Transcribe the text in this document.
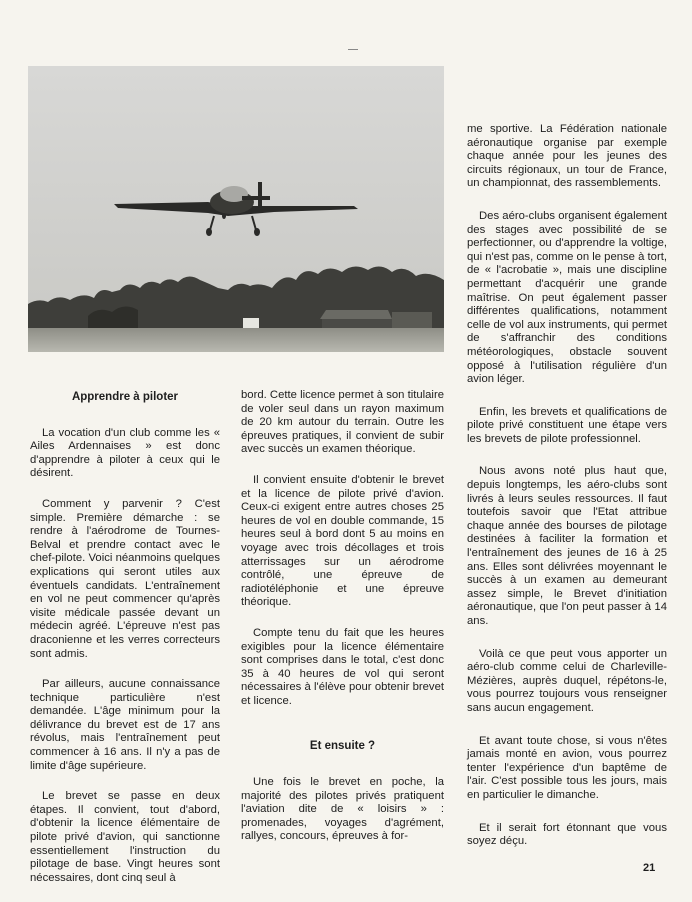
Apprendre à piloter

La vocation d'un club comme les « Ailes Ardennaises » est donc d'apprendre à piloter à ceux qui le désirent.

Comment y parvenir ? C'est simple. Première démarche : se rendre à l'aérodrome de Tournes-Belval et prendre contact avec le chef-pilote. Voici néanmoins quelques explications qui seront utiles aux éventuels candidats. L'entraînement en vol ne peut commencer qu'après visite médicale passée devant un médecin agréé. L'épreuve n'est pas draconienne et les verres correcteurs sont admis.

Par ailleurs, aucune connaissance technique particulière n'est demandée. L'âge minimum pour la délivrance du brevet est de 17 ans révolus, mais l'entraînement peut commencer à 16 ans. Il n'y a pas de limite d'âge supérieure.

Le brevet se passe en deux étapes. Il convient, tout d'abord, d'obtenir la licence élémentaire de pilote privé d'avion, qui sanctionne essentiellement l'instruction du pilotage de base. Vingt heures sont nécessaires, dont cinq seul à

bord. Cette licence permet à son titulaire de voler seul dans un rayon maximum de 20 km autour du terrain. Outre les épreuves pratiques, il convient de subir avec succès un examen théorique.

Il convient ensuite d'obtenir le brevet et la licence de pilote privé d'avion. Ceux-ci exigent entre autres choses 25 heures de vol en double commande, 15 heures seul à bord dont 5 au moins en voyage avec trois décollages et trois atterrissages sur un aérodrome contrôlé, une épreuve de radiotéléphonie et une épreuve théorique.

Compte tenu du fait que les heures exigibles pour la licence élémentaire sont comprises dans le total, c'est donc 35 à 40 heures de vol qui seront nécessaires à l'élève pour obtenir brevet et licence.

Et ensuite ?

Une fois le brevet en poche, la majorité des pilotes privés pratiquent l'aviation dite de « loisirs » : promenades, voyages d'agrément, rallyes, concours, épreuves à for-

me sportive. La Fédération nationale aéronautique organise par exemple chaque année pour les jeunes des circuits régionaux, un tour de France, un championnat, des rassemblements.

Des aéro-clubs organisent également des stages avec possibilité de se perfectionner, ou d'apprendre la voltige, qui n'est pas, comme on le pense à tort, de « l'acrobatie », mais une discipline permettant d'acquérir une grande maîtrise. On peut également passer différentes qualifications, notamment celle de vol aux instruments, qui permet de s'affranchir des conditions météorologiques, obstacle souvent opposé à l'utilisation régulière d'un avion léger.

Enfin, les brevets et qualifications de pilote privé constituent une étape vers les brevets de pilote professionnel.

Nous avons noté plus haut que, depuis longtemps, les aéro-clubs sont livrés à leurs seules ressources. Il faut toutefois savoir que l'Etat attribue chaque année des bourses de pilotage destinées à faciliter la formation et l'entraînement des jeunes de 16 à 25 ans. Elles sont délivrées moyennant le succès à un examen au demeurant assez simple, le Brevet d'initiation aéronautique, que l'on peut passer à 14 ans.

Voilà ce que peut vous apporter un aéro-club comme celui de Charleville-Mézières, auprès duquel, répétons-le, vous pourrez toujours vous renseigner sans aucun engagement.

Et avant toute chose, si vous n'êtes jamais monté en avion, vous pourrez tenter l'expérience d'un baptême de l'air. C'est possible tous les jours, mais en particulier le dimanche.

Et il serait fort étonnant que vous soyez déçu.

21
